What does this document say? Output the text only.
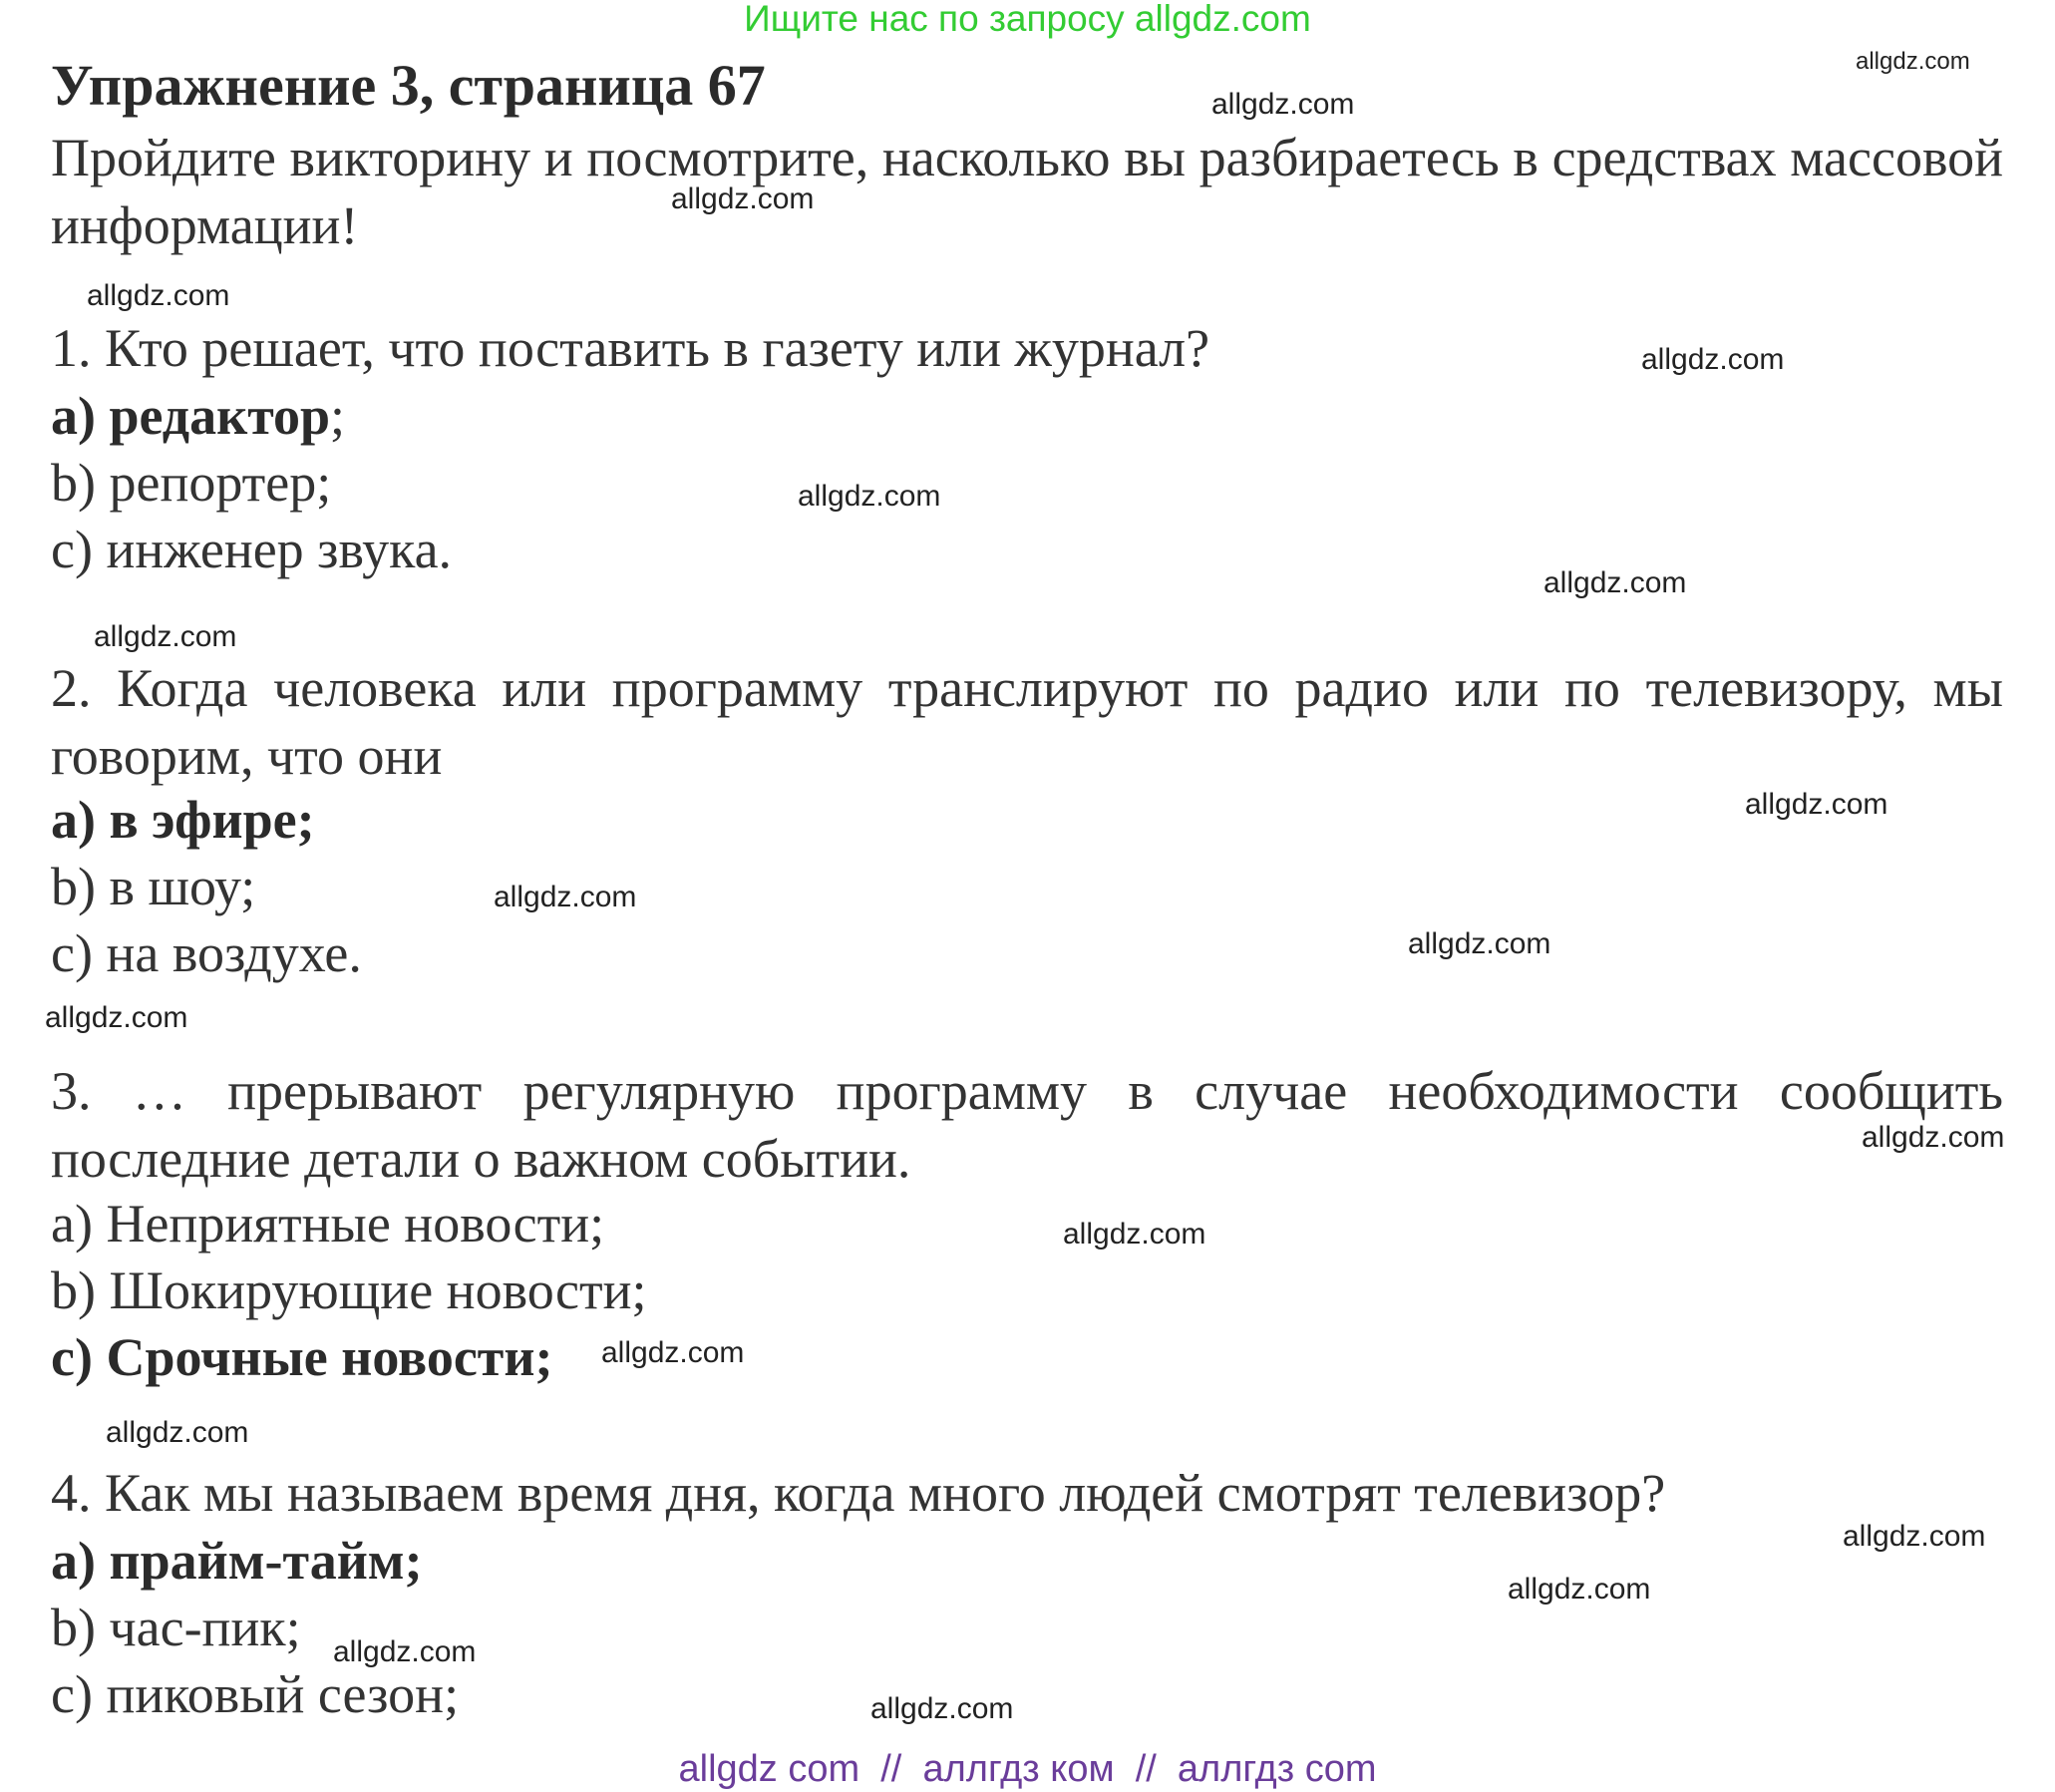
Ищите нас по запросу allgdz.com
Упражнение 3, страница 67
Пройдите викторину и посмотрите, насколько вы разбираетесь в средствах массовой информации!
1. Кто решает, что поставить в газету или журнал?
a) редактор;
b) репортер;
c) инженер звука.
2. Когда человека или программу транслируют по радио или по телевизору, мы говорим, что они
a) в эфире;
b) в шоу;
c) на воздухе.
3. … прерывают регулярную программу в случае необходимости сообщить последние детали о важном событии.
a) Неприятные новости;
b) Шокирующие новости;
c) Срочные новости;
4. Как мы называем время дня, когда много людей смотрят телевизор?
a) прайм-тайм;
b) час-пик;
c) пиковый сезон;
allgdz.com
allgdz.com
allgdz.com
allgdz.com
allgdz.com
allgdz.com
allgdz.com
allgdz.com
allgdz.com
allgdz.com
allgdz.com
allgdz.com
allgdz.com
allgdz.com
allgdz.com
allgdz.com
allgdz.com
allgdz.com
allgdz.com
allgdz.com
allgdz com  //  аллгдз ком  //  аллгдз com
